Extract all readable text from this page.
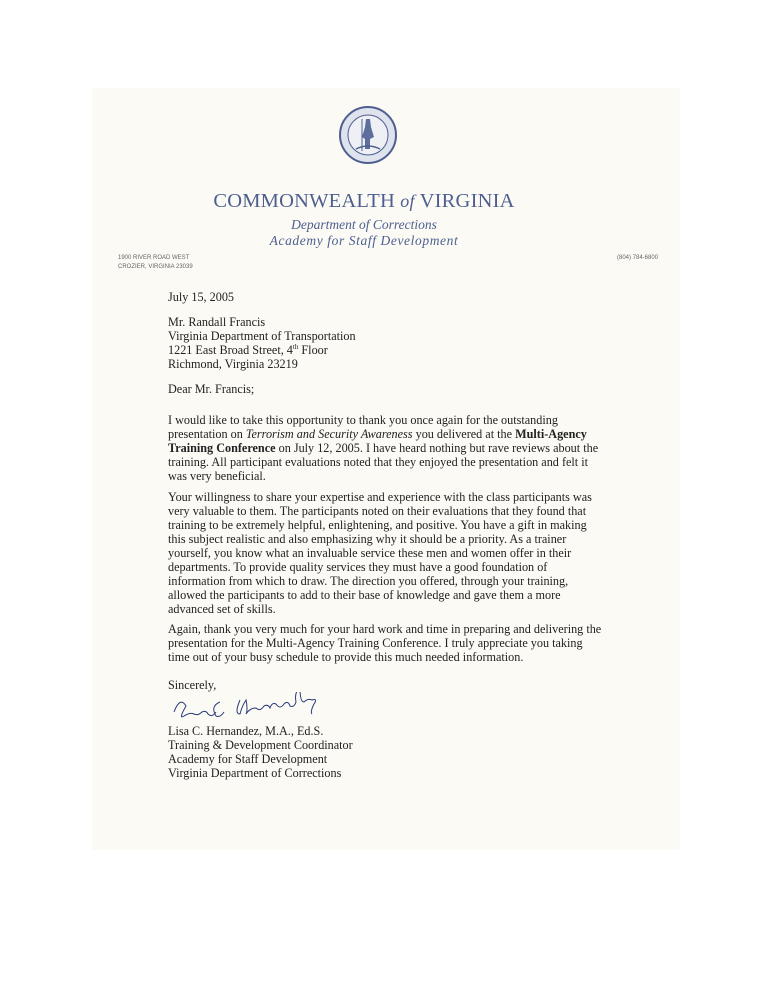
COMMONWEALTH of VIRGINIA
Department of Corrections
Academy for Staff Development
1900 RIVER ROAD WEST
CROZIER, VIRGINIA 23039
(804) 784-6800
July 15, 2005
Mr. Randall Francis
Virginia Department of Transportation
1221 East Broad Street, 4th Floor
Richmond, Virginia 23219
Dear Mr. Francis;
I would like to take this opportunity to thank you once again for the outstanding
presentation on Terrorism and Security Awareness you delivered at the Multi-Agency
Training Conference on July 12, 2005. I have heard nothing but rave reviews about the
training. All participant evaluations noted that they enjoyed the presentation and felt it
was very beneficial.
Your willingness to share your expertise and experience with the class participants was
very valuable to them. The participants noted on their evaluations that they found that
training to be extremely helpful, enlightening, and positive. You have a gift in making
this subject realistic and also emphasizing why it should be a priority. As a trainer
yourself, you know what an invaluable service these men and women offer in their
departments. To provide quality services they must have a good foundation of
information from which to draw. The direction you offered, through your training,
allowed the participants to add to their base of knowledge and gave them a more
advanced set of skills.
Again, thank you very much for your hard work and time in preparing and delivering the
presentation for the Multi-Agency Training Conference. I truly appreciate you taking
time out of your busy schedule to provide this much needed information.
Sincerely,
Lisa C. Hernandez, M.A., Ed.S.
Training & Development Coordinator
Academy for Staff Development
Virginia Department of Corrections
